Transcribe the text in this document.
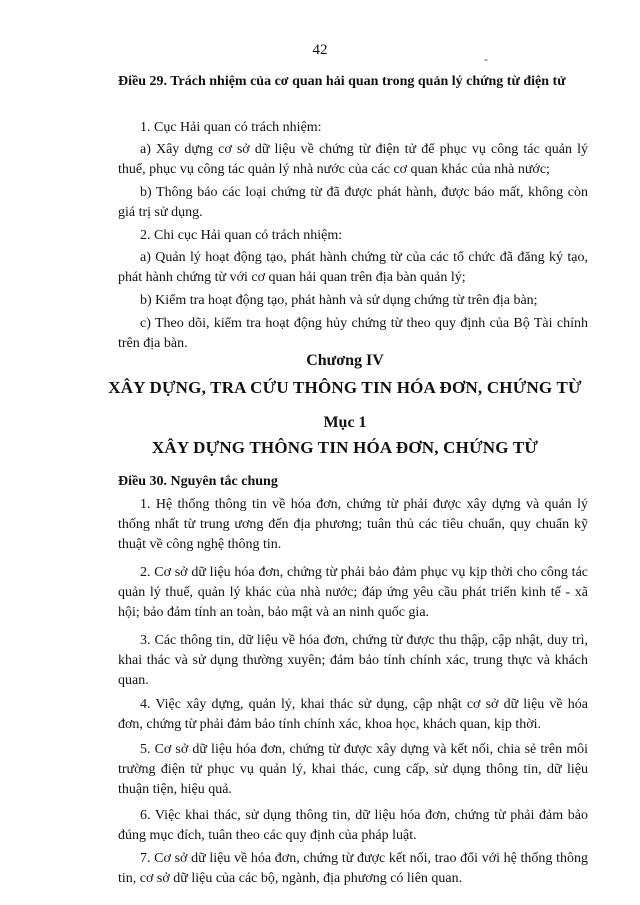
42
-
Điều 29. Trách nhiệm của cơ quan hải quan trong quản lý chứng từ điện tử
1. Cục Hải quan có trách nhiệm:
a) Xây dựng cơ sở dữ liệu về chứng từ điện tử để phục vụ công tác quản lý thuế, phục vụ công tác quản lý nhà nước của các cơ quan khác của nhà nước;
b) Thông báo các loại chứng từ đã được phát hành, được báo mất, không còn giá trị sử dụng.
2. Chi cục Hải quan có trách nhiệm:
a) Quản lý hoạt động tạo, phát hành chứng từ của các tổ chức đã đăng ký tạo, phát hành chứng từ với cơ quan hải quan trên địa bàn quản lý;
b) Kiểm tra hoạt động tạo, phát hành và sử dụng chứng từ trên địa bàn;
c) Theo dõi, kiểm tra hoạt động hủy chứng từ theo quy định của Bộ Tài chính trên địa bàn.
Chương IV
XÂY DỰNG, TRA CỨU THÔNG TIN HÓA ĐƠN, CHỨNG TỪ
Mục 1
XÂY DỰNG THÔNG TIN HÓA ĐƠN, CHỨNG TỪ
Điều 30. Nguyên tắc chung
1. Hệ thống thông tin về hóa đơn, chứng từ phải được xây dựng và quản lý thống nhất từ trung ương đến địa phương; tuân thủ các tiêu chuẩn, quy chuẩn kỹ thuật về công nghệ thông tin.
2. Cơ sở dữ liệu hóa đơn, chứng từ phải bảo đảm phục vụ kịp thời cho công tác quản lý thuế, quản lý khác của nhà nước; đáp ứng yêu cầu phát triển kinh tế - xã hội; bảo đảm tính an toàn, bảo mật và an ninh quốc gia.
3. Các thông tin, dữ liệu về hóa đơn, chứng từ được thu thập, cập nhật, duy trì, khai thác và sử dụng thường xuyên; đảm bảo tính chính xác, trung thực và khách quan.
4. Việc xây dựng, quản lý, khai thác sử dụng, cập nhật cơ sở dữ liệu về hóa đơn, chứng từ phải đảm bảo tính chính xác, khoa học, khách quan, kịp thời.
5. Cơ sở dữ liệu hóa đơn, chứng từ được xây dựng và kết nối, chia sẻ trên môi trường điện tử phục vụ quản lý, khai thác, cung cấp, sử dụng thông tin, dữ liệu thuận tiện, hiệu quả.
6. Việc khai thác, sử dụng thông tin, dữ liệu hóa đơn, chứng từ phải đảm bảo đúng mục đích, tuân theo các quy định của pháp luật.
7. Cơ sở dữ liệu về hóa đơn, chứng từ được kết nối, trao đổi với hệ thống thông tin, cơ sở dữ liệu của các bộ, ngành, địa phương có liên quan.
